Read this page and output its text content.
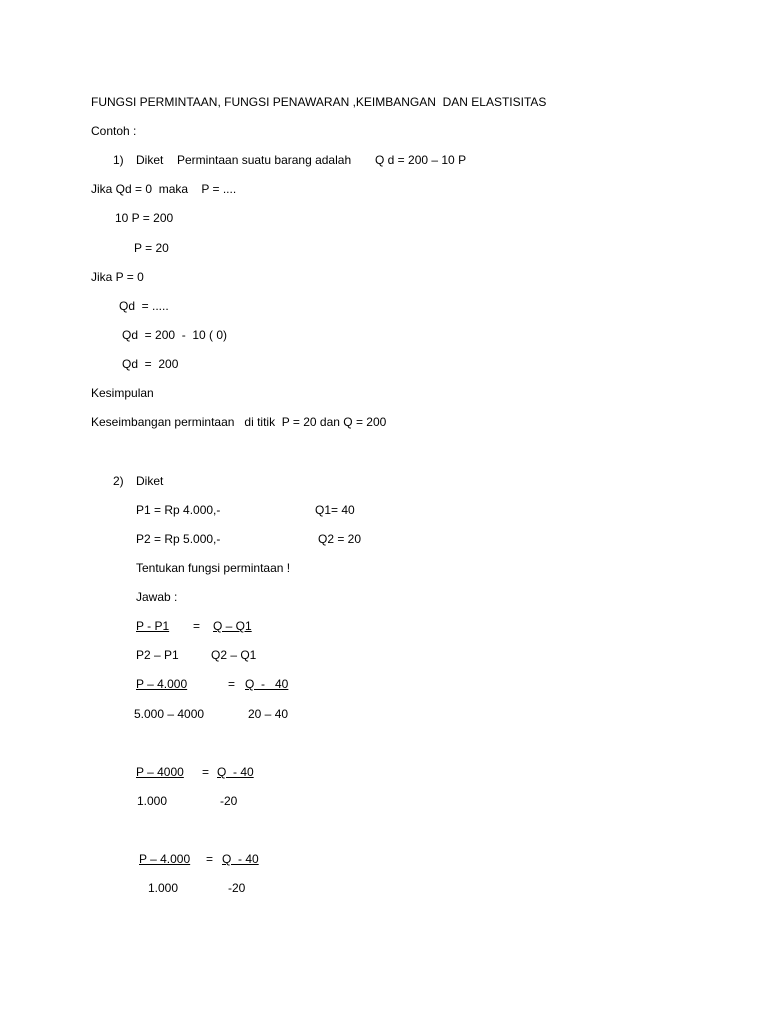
FUNGSI PERMINTAAN, FUNGSI PENAWARAN ,KEIMBANGAN  DAN ELASTISITAS
Contoh :
1) Diket Permintaan suatu barang adalah Q d = 200 – 10 P
Jika Qd = 0  maka    P = ....
10 P = 200
P = 20
Jika P = 0
Qd  = .....
Qd  = 200  -  10 ( 0)
Qd  =  200
Kesimpulan
Keseimbangan permintaan   di titik  P = 20 dan Q = 200
2) Diket
P1 = Rp 4.000,-	Q1= 40
P2 = Rp 5.000,-	Q2 = 20
Tentukan fungsi permintaan !
Jawab :
P - P1	= Q – Q1
P2 – P1	Q2 – Q1
P – 4.000	= Q  -   40
5.000 – 4000	20 – 40
P – 4000 = Q  - 40
1.000	-20
P – 4.000 = Q  - 40
1.000	-20
